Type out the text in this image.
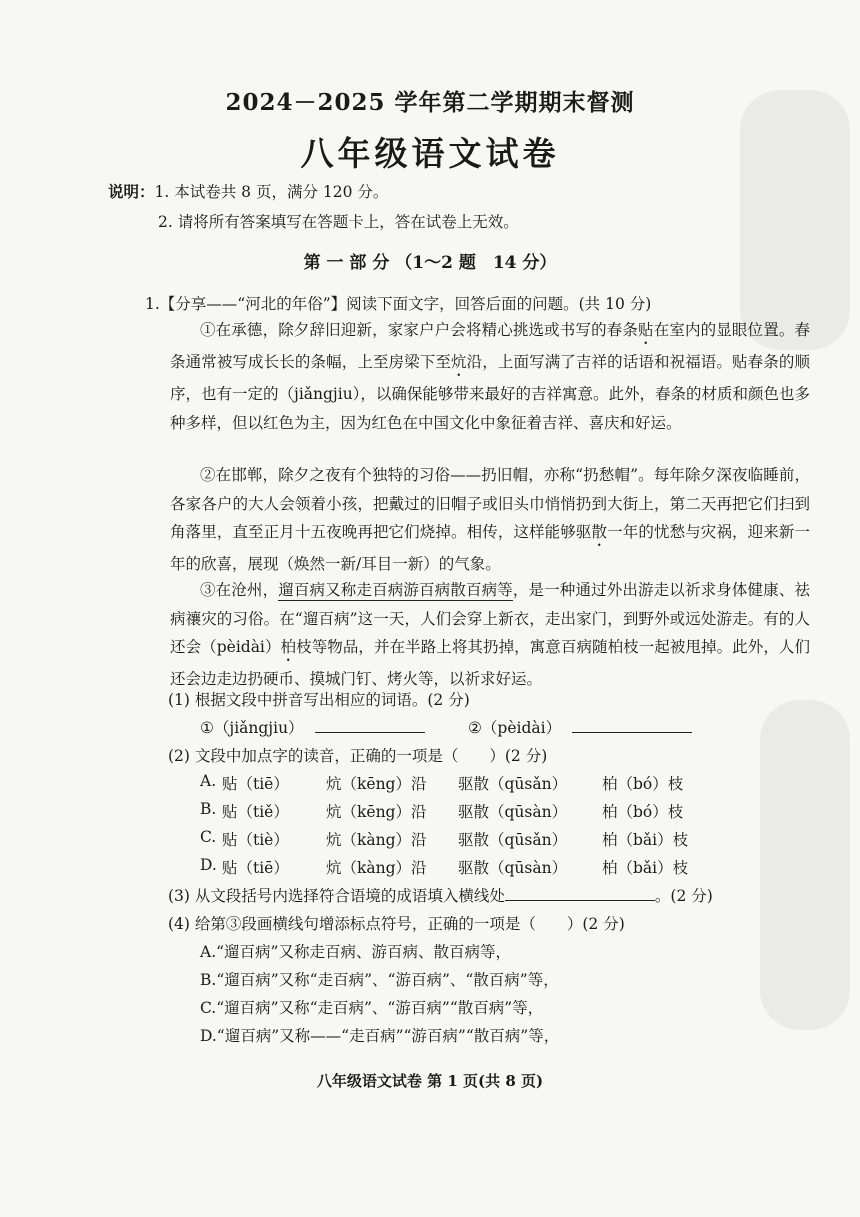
2024－2025 学年第二学期期末督测
八年级语文试卷
说明：1. 本试卷共 8 页，满分 120 分。
2. 请将所有答案填写在答题卡上，答在试卷上无效。
第 一 部 分 （1～2 题　14 分）
1.【分享——“河北的年俗”】阅读下面文字，回答后面的问题。(共 10 分)
①在承德，除夕辞旧迎新，家家户户会将精心挑选或书写的春条贴在室内的显眼位置。春条通常被写成长长的条幅，上至房梁下至炕沿，上面写满了吉祥的话语和祝福语。贴春条的顺序，也有一定的（jiǎngjiu），以确保能够带来最好的吉祥寓意。此外，春条的材质和颜色也多种多样，但以红色为主，因为红色在中国文化中象征着吉祥、喜庆和好运。
②在邯郸，除夕之夜有个独特的习俗——扔旧帽，亦称“扔愁帽”。每年除夕深夜临睡前，各家各户的大人会领着小孩，把戴过的旧帽子或旧头巾悄悄扔到大街上，第二天再把它们扫到角落里，直至正月十五夜晚再把它们烧掉。相传，这样能够驱散一年的忧愁与灾祸，迎来新一年的欣喜，展现（焕然一新/耳目一新）的气象。
③在沧州，遛百病又称走百病游百病散百病等，是一种通过外出游走以祈求身体健康、祛病禳灾的习俗。在“遛百病”这一天，人们会穿上新衣，走出家门，到野外或远处游走。有的人还会（pèidài）柏枝等物品，并在半路上将其扔掉，寓意百病随柏枝一起被甩掉。此外，人们还会边走边扔硬币、摸城门钉、烤火等，以祈求好运。
(1) 根据文段中拼音写出相应的词语。(2 分)
①（jiǎngjiu）	②（pèidài）
(2) 文段中加点字的读音，正确的一项是（　　）(2 分)
A. 贴（tiē） 炕（kēng）沿 驱散（qūsǎn） 柏（bó）枝
B. 贴（tiě） 炕（kēng）沿 驱散（qūsàn） 柏（bó）枝
C. 贴（tiè） 炕（kàng）沿 驱散（qūsǎn） 柏（bǎi）枝
D. 贴（tiē） 炕（kàng）沿 驱散（qūsàn） 柏（bǎi）枝
(3) 从文段括号内选择符合语境的成语填入横线处	。(2 分)
(4) 给第③段画横线句增添标点符号，正确的一项是（　　）(2 分)
A.“遛百病”又称走百病、游百病、散百病等，
B.“遛百病”又称“走百病”、“游百病”、“散百病”等，
C.“遛百病”又称“走百病”、“游百病”“散百病”等，
D.“遛百病”又称——“走百病”“游百病”“散百病”等，
八年级语文试卷 第 1 页(共 8 页)
